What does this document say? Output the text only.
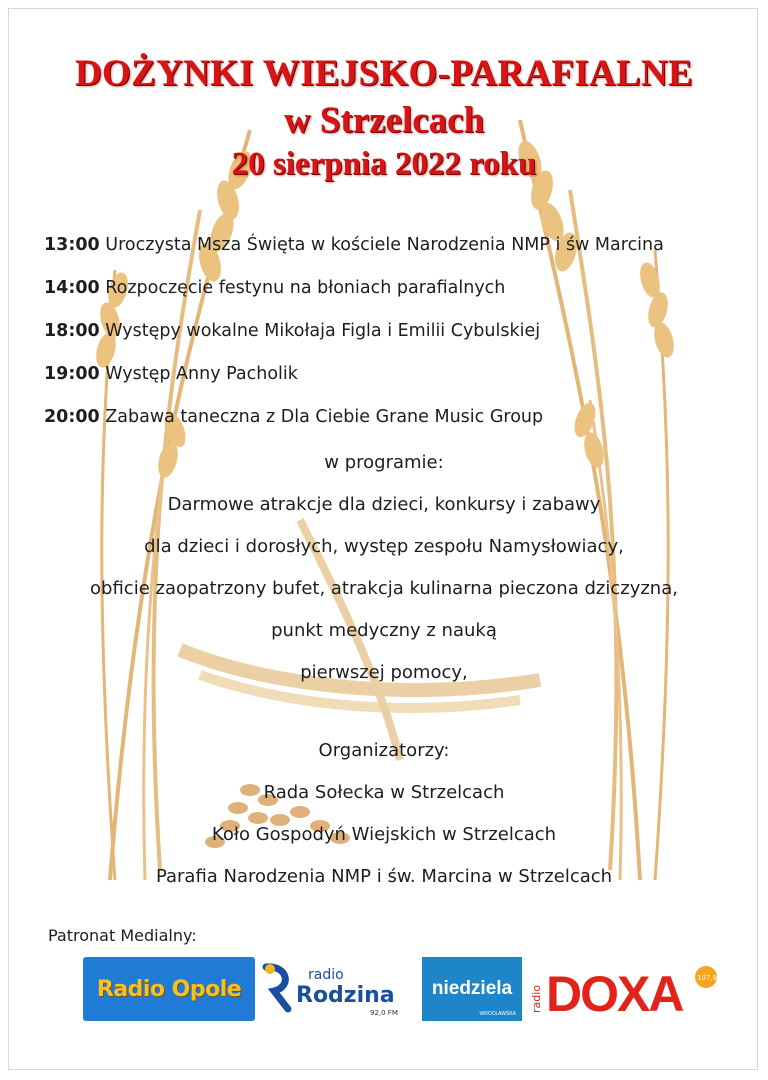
DOŻYNKI WIEJSKO-PARAFIALNE
w Strzelcach
20 sierpnia 2022 roku
13:00 Uroczysta Msza Święta w kościele Narodzenia NMP i św Marcina
14:00 Rozpoczęcie festynu na błoniach parafialnych
18:00 Występy wokalne Mikołaja Figla i Emilii Cybulskiej
19:00 Występ Anny Pacholik
20:00 Zabawa taneczna z Dla Ciebie Grane Music Group
w programie:
Darmowe atrakcje dla dzieci, konkursy i zabawy
dla dzieci i dorosłych, występ zespołu Namysłowiacy,
obficie zaopatrzony bufet, atrakcja kulinarna pieczona dziczyzna,
punkt medyczny z nauką
pierwszej pomocy,
Organizatorzy:
Rada Sołecka w Strzelcach
Koło Gospodyń Wiejskich w Strzelcach
Parafia Narodzenia NMP i św. Marcina w Strzelcach
Patronat Medialny:
Radio Opole
radio
Rodzina
92,0 FM
niedziela
WROCŁAWSKA
radio DOXA 107,9
